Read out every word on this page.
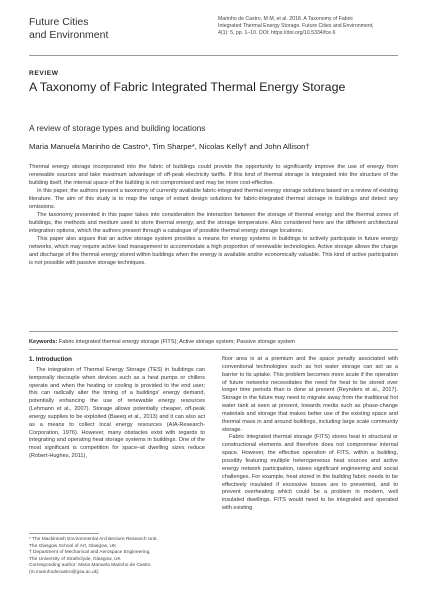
Future Cities
and Environment
Marinho de Castro, M M, et al. 2018. A Taxonomy of Fabric
Integrated Thermal Energy Storage. Future Cities and Environment,
4(1): 5, pp. 1–10. DOI: https://doi.org/10.5334/fce.6
REVIEW
A Taxonomy of Fabric Integrated Thermal Energy Storage
A review of storage types and building locations
Maria Manuela Marinho de Castro*, Tim Sharpe*, Nicolas Kelly† and John Allison†

Thermal energy storage incorporated into the fabric of buildings could provide the opportunity to significantly improve the use of energy from renewable sources and take maximum advantage of off-peak electricity tariffs. If this kind of thermal storage is integrated into the structure of the building itself, the internal space of the building is not compromised and may be more cost-effective.

In this paper, the authors present a taxonomy of currently available fabric-integrated thermal energy storage solutions based on a review of existing literature. The aim of this study is to map the range of extant design solutions for fabric-integrated thermal storage in buildings and detect any omissions.

The taxonomy presented in this paper takes into consideration the interaction between the storage of thermal energy and the thermal zones of buildings, the methods and medium used to store thermal energy, and the storage temperature. Also considered here are the different architectural integration options, which the authors present through a catalogue of possible thermal energy storage locations.

This paper also argues that an active storage system provides a means for energy systems in buildings to actively participate in future energy networks, which may require active load management to accommodate a high proportion of renewable technologies. Active storage allows the charge and discharge of the thermal energy stored within buildings when the energy is available and/or economically valuable. This kind of active participation is not possible with passive storage techniques.

Keywords: Fabric integrated thermal energy storage (FITS); Active storage system; Passive storage system
1. Introduction

The integration of Thermal Energy Storage (TES) in buildings can temporally decouple when devices such as a heat pumps or chillers operate and when the heating or cooling is provided to the end user; this can radically alter the timing of a buildings' energy demand, potentially enhancing the use of renewable energy resources (Lehmann et al., 2007). Storage allows potentially cheaper, off-peak energy supplies to be exploited (Baeeq et al., 2013) and it can also act as a means to collect local energy resources (AIA-Research-Corporation, 1976). However, many obstacles exist with regards to integrating and operating heat storage systems in buildings. One of the most significant is competition for space–at dwelling sizes reduce (Robert-Hughes, 2011),

floor area is at a premium and the space penalty associated with conventional technologies such as hot water storage can act as a barrier to its uptake. This problem becomes more acute if the operation of future networks necessitates the need for heat to be stored over longer time periods than is done at present (Reynders et al., 2017). Storage in the future may need to migrate away from the traditional hot water tank at seen at present, towards media such as phase-change materials and storage that makes better use of the existing space and thermal mass in and around buildings, including large scale community storage.

Fabric integrated thermal storage (FITS) stores heat in structural or constructional elements and therefore does not compromise internal space. However, the effective operation of FITS, within a building, possibly featuring multiple heterogeneous heat sources and active energy network participation, raises significant engineering and social challenges. For example, heat stored in the building fabric needs to be effectively insulated if excessive losses are to prevented, and to prevent overheating which could be a problem in modern, well insulated dwellings. FITS would need to be integrated and operated with existing

* The Mackintosh Environmental Architecture Research Unit,
The Glasgow School of Art, Glasgow, UK
† Department of Mechanical and Aerospace Engineering,
The University of Strathclyde, Glasgow, UK
Corresponding author: Maria Manuela Marinho de Castro
(m.marinhodecastro@gsa.ac.uk)
